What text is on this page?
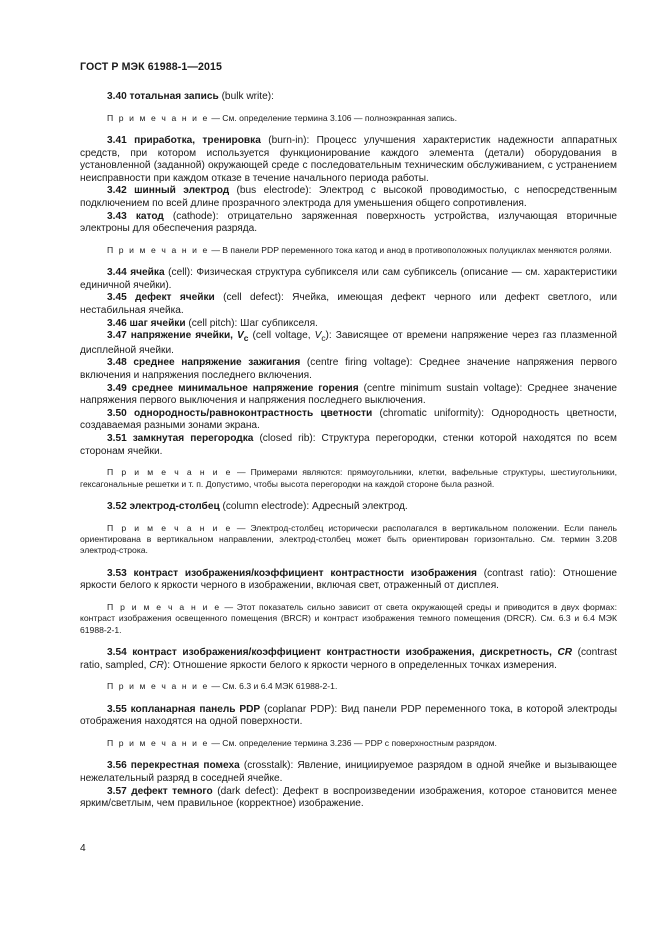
ГОСТ Р МЭК 61988-1—2015

3.40 тотальная запись (bulk write):

П р и м е ч а н и е — См. определение термина 3.106 — полноэкранная запись.

3.41 приработка, тренировка (burn-in): Процесс улучшения характеристик надежности аппаратных средств, при котором используется функционирование каждого элемента (детали) оборудования в установленной (заданной) окружающей среде с последовательным техническим обслуживанием, с устранением неисправности при каждом отказе в течение начального периода работы.

3.42 шинный электрод (bus electrode): Электрод с высокой проводимостью, с непосредственным подключением по всей длине прозрачного электрода для уменьшения общего сопротивления.

3.43 катод (cathode): отрицательно заряженная поверхность устройства, излучающая вторичные электроны для обеспечения разряда.

П р и м е ч а н и е — В панели PDP переменного тока катод и анод в противоположных полуциклах меняются ролями.

3.44 ячейка (cell): Физическая структура субпикселя или сам субпиксель (описание — см. характеристики единичной ячейки).

3.45 дефект ячейки (cell defect): Ячейка, имеющая дефект черного или дефект светлого, или нестабильная ячейка.

3.46 шаг ячейки (cell pitch): Шаг субпикселя.

3.47 напряжение ячейки, $V_c$ (cell voltage, $V_c$): Зависящее от времени напряжение через газ плазменной дисплейной ячейки.

3.48 среднее напряжение зажигания (centre firing voltage): Среднее значение напряжения первого включения и напряжения последнего включения.

3.49 среднее минимальное напряжение горения (centre minimum sustain voltage): Среднее значение напряжения первого выключения и напряжения последнего выключения.

3.50 однородность/равноконтрастность цветности (chromatic uniformity): Однородность цветности, создаваемая разными зонами экрана.

3.51 замкнутая перегородка (closed rib): Структура перегородки, стенки которой находятся по всем сторонам ячейки.

П р и м е ч а н и е — Примерами являются: прямоугольники, клетки, вафельные структуры, шестиугольники, гексагональные решетки и т. п. Допустимо, чтобы высота перегородки на каждой стороне была разной.

3.52 электрод-столбец (column electrode): Адресный электрод.

П р и м е ч а н и е — Электрод-столбец исторически располагался в вертикальном положении. Если панель ориентирована в вертикальном направлении, электрод-столбец может быть ориентирован горизонтально. См. термин 3.208 электрод-строка.

3.53 контраст изображения/коэффициент контрастности изображения (contrast ratio): Отношение яркости белого к яркости черного в изображении, включая свет, отраженный от дисплея.

П р и м е ч а н и е — Этот показатель сильно зависит от света окружающей среды и приводится в двух формах: контраст изображения освещенного помещения (BRCR) и контраст изображения темного помещения (DRCR). См. 6.3 и 6.4 МЭК 61988-2-1.

3.54 контраст изображения/коэффициент контрастности изображения, дискретность, CR (contrast ratio, sampled, CR): Отношение яркости белого к яркости черного в определенных точках измерения.

П р и м е ч а н и е — См. 6.3 и 6.4 МЭК 61988-2-1.

3.55 копланарная панель PDP (coplanar PDP): Вид панели PDP переменного тока, в которой электроды отображения находятся на одной поверхности.

П р и м е ч а н и е — См. определение термина 3.236 — PDP с поверхностным разрядом.

3.56 перекрестная помеха (crosstalk): Явление, инициируемое разрядом в одной ячейке и вызывающее нежелательный разряд в соседней ячейке.

3.57 дефект темного (dark defect): Дефект в воспроизведении изображения, которое становится менее ярким/светлым, чем правильное (корректное) изображение.

4
